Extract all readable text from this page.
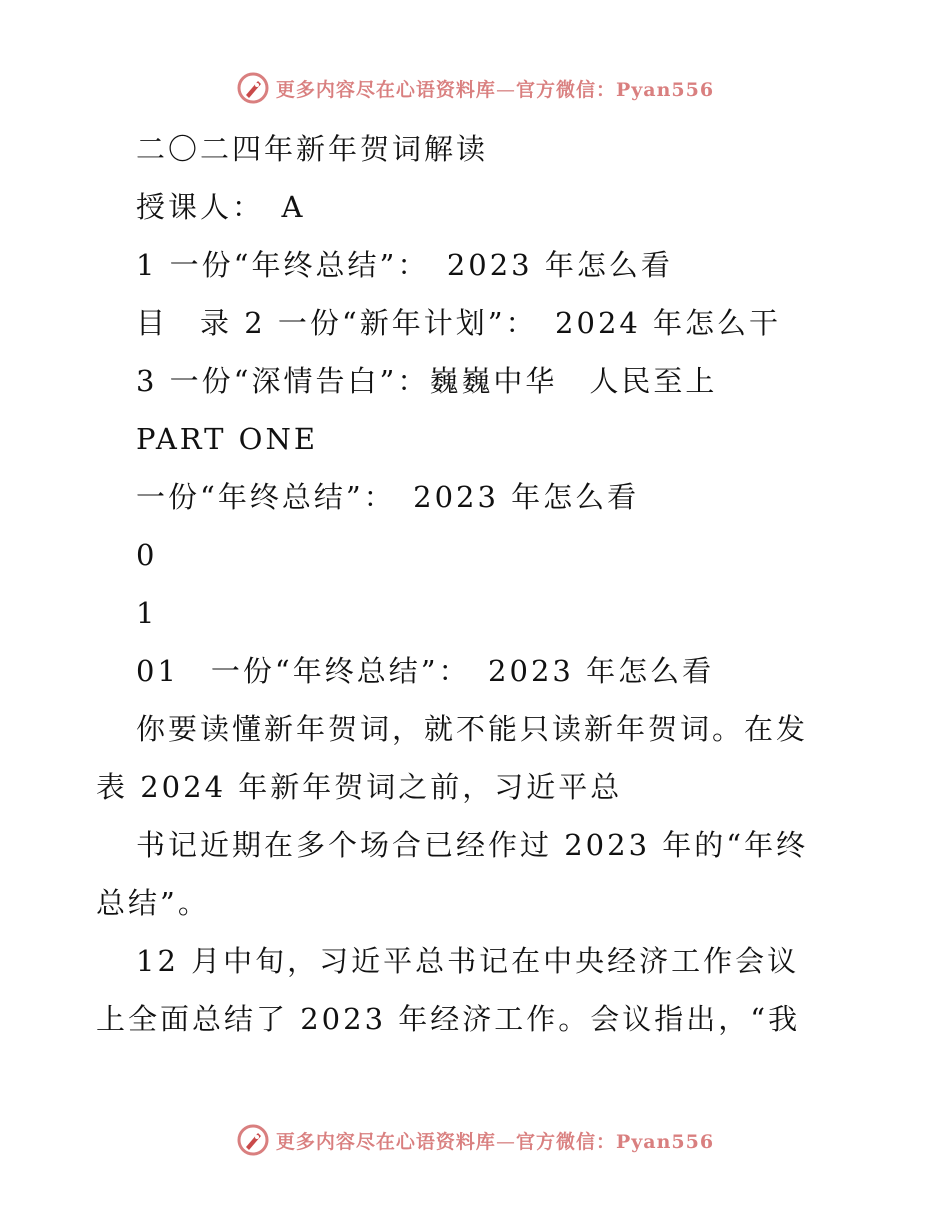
更多内容尽在心语资料库—官方微信：Pyan556
二〇二四年新年贺词解读
授课人：　A
1 一份“年终总结”：　2023 年怎么看
目　录 2 一份“新年计划”：　2024 年怎么干
3 一份“深情告白”：巍巍中华　人民至上
PART ONE
一份“年终总结”：　2023 年怎么看
0
1
01　一份“年终总结”：　2023 年怎么看
你要读懂新年贺词，就不能只读新年贺词。在发
表 2024 年新年贺词之前，习近平总
书记近期在多个场合已经作过 2023 年的“年终
总结”。
12 月中旬，习近平总书记在中央经济工作会议
上全面总结了 2023 年经济工作。会议指出，“我
更多内容尽在心语资料库—官方微信：Pyan556
